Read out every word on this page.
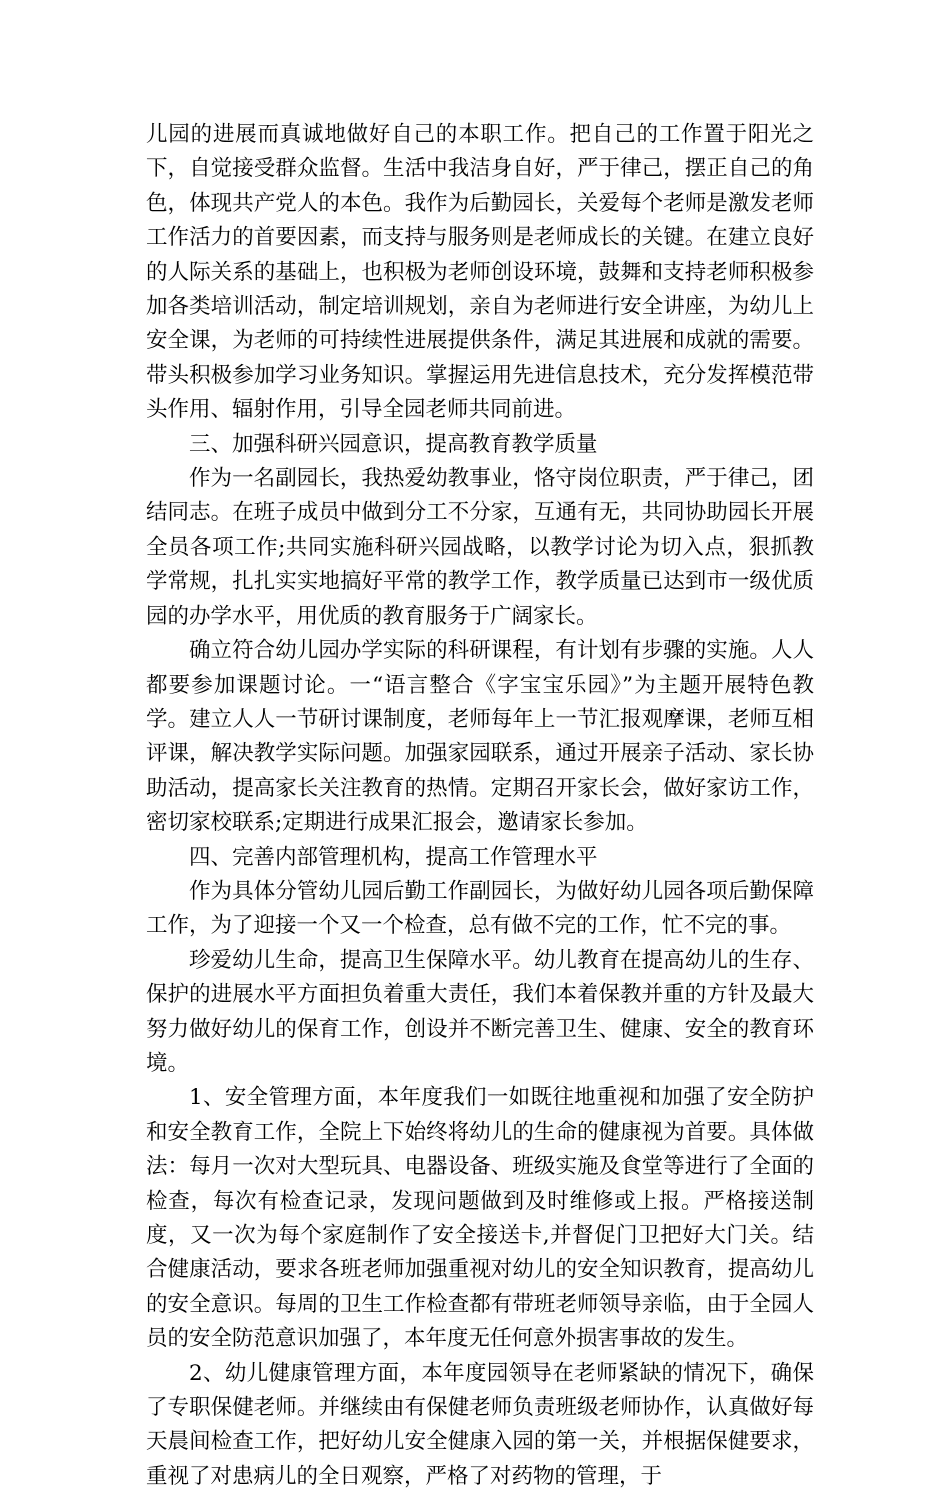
儿园的进展而真诚地做好自己的本职工作。把自己的工作置于阳光之下，自觉接受群众监督。生活中我洁身自好，严于律己，摆正自己的角色，体现共产党人的本色。我作为后勤园长，关爱每个老师是激发老师工作活力的首要因素，而支持与服务则是老师成长的关键。在建立良好的人际关系的基础上，也积极为老师创设环境，鼓舞和支持老师积极参加各类培训活动，制定培训规划，亲自为老师进行安全讲座，为幼儿上安全课，为老师的可持续性进展提供条件，满足其进展和成就的需要。带头积极参加学习业务知识。掌握运用先进信息技术，充分发挥模范带头作用、辐射作用，引导全园老师共同前进。

三、加强科研兴园意识，提高教育教学质量

作为一名副园长，我热爱幼教事业，恪守岗位职责，严于律己，团结同志。在班子成员中做到分工不分家，互通有无，共同协助园长开展全员各项工作;共同实施科研兴园战略，以教学讨论为切入点，狠抓教学常规，扎扎实实地搞好平常的教学工作，教学质量已达到市一级优质园的办学水平，用优质的教育服务于广阔家长。

确立符合幼儿园办学实际的科研课程，有计划有步骤的实施。人人都要参加课题讨论。一“语言整合《字宝宝乐园》”为主题开展特色教学。建立人人一节研讨课制度，老师每年上一节汇报观摩课，老师互相评课，解决教学实际问题。加强家园联系，通过开展亲子活动、家长协助活动，提高家长关注教育的热情。定期召开家长会，做好家访工作，密切家校联系;定期进行成果汇报会，邀请家长参加。

四、完善内部管理机构，提高工作管理水平

作为具体分管幼儿园后勤工作副园长，为做好幼儿园各项后勤保障工作，为了迎接一个又一个检查，总有做不完的工作，忙不完的事。

珍爱幼儿生命，提高卫生保障水平。幼儿教育在提高幼儿的生存、保护的进展水平方面担负着重大责任，我们本着保教并重的方针及最大努力做好幼儿的保育工作，创设并不断完善卫生、健康、安全的教育环境。

1、安全管理方面，本年度我们一如既往地重视和加强了安全防护和安全教育工作，全院上下始终将幼儿的生命的健康视为首要。具体做法：每月一次对大型玩具、电器设备、班级实施及食堂等进行了全面的检查，每次有检查记录，发现问题做到及时维修或上报。严格接送制度，又一次为每个家庭制作了安全接送卡,并督促门卫把好大门关。结合健康活动，要求各班老师加强重视对幼儿的安全知识教育，提高幼儿的安全意识。每周的卫生工作检查都有带班老师领导亲临，由于全园人员的安全防范意识加强了，本年度无任何意外损害事故的发生。

2、幼儿健康管理方面，本年度园领导在老师紧缺的情况下，确保了专职保健老师。并继续由有保健老师负责班级老师协作，认真做好每天晨间检查工作，把好幼儿安全健康入园的第一关，并根据保健要求，重视了对患病儿的全日观察，严格了对药物的管理，于
